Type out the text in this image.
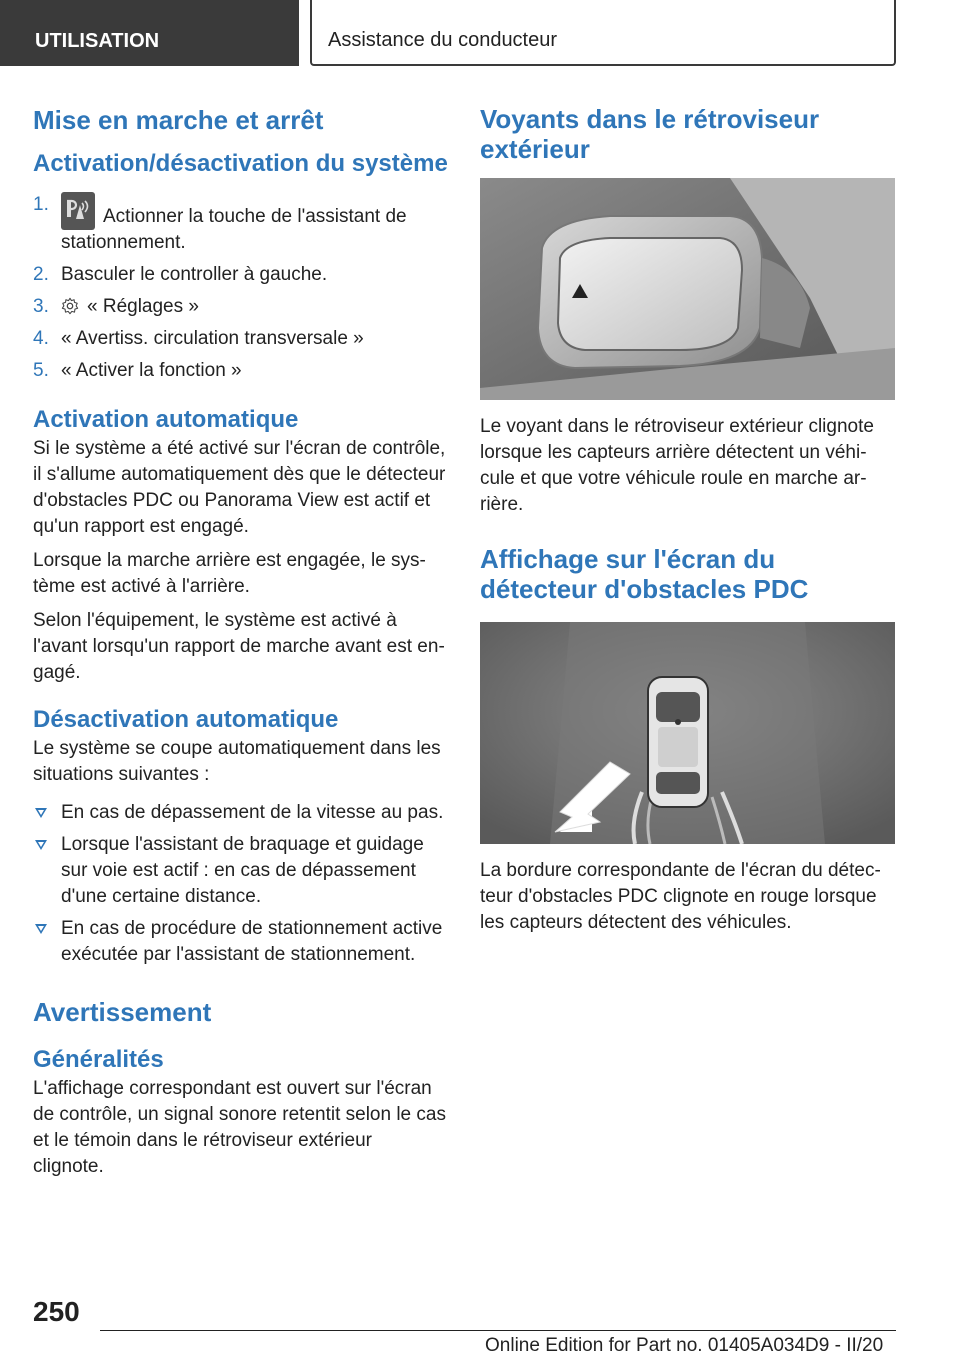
UTILISATION	Assistance du conducteur
Mise en marche et arrêt
Activation/désactivation du système
1.
Actionner la touche de l'assistant de stationnement.
2. Basculer le controller à gauche.
3. « Réglages »
4. « Avertiss. circulation transversale »
5. « Activer la fonction »
Activation automatique

Si le système a été activé sur l'écran de contrôle, il s'allume automatiquement dès que le détecteur d'obstacles PDC ou Panorama View est actif et qu'un rapport est engagé.

Lorsque la marche arrière est engagée, le système est activé à l'arrière.

Selon l'équipement, le système est activé à l'avant lorsqu'un rapport de marche avant est engagé.

Désactivation automatique

Le système se coupe automatiquement dans les situations suivantes :

En cas de dépassement de la vitesse au pas.
Lorsque l'assistant de braquage et guidage sur voie est actif : en cas de dépassement d'une certaine distance.
En cas de procédure de stationnement active exécutée par l'assistant de stationnement.
Avertissement
Généralités

L'affichage correspondant est ouvert sur l'écran de contrôle, un signal sonore retentit selon le cas et le témoin dans le rétroviseur extérieur clignote.

Voyants dans le rétroviseur extérieur

Le voyant dans le rétroviseur extérieur clignote lorsque les capteurs arrière détectent un véhicule et que votre véhicule roule en marche arrière.

Affichage sur l'écran du détecteur d'obstacles PDC

La bordure correspondante de l'écran du détecteur d'obstacles PDC clignote en rouge lorsque les capteurs détectent des véhicules.

250
Online Edition for Part no. 01405A034D9 - II/20
